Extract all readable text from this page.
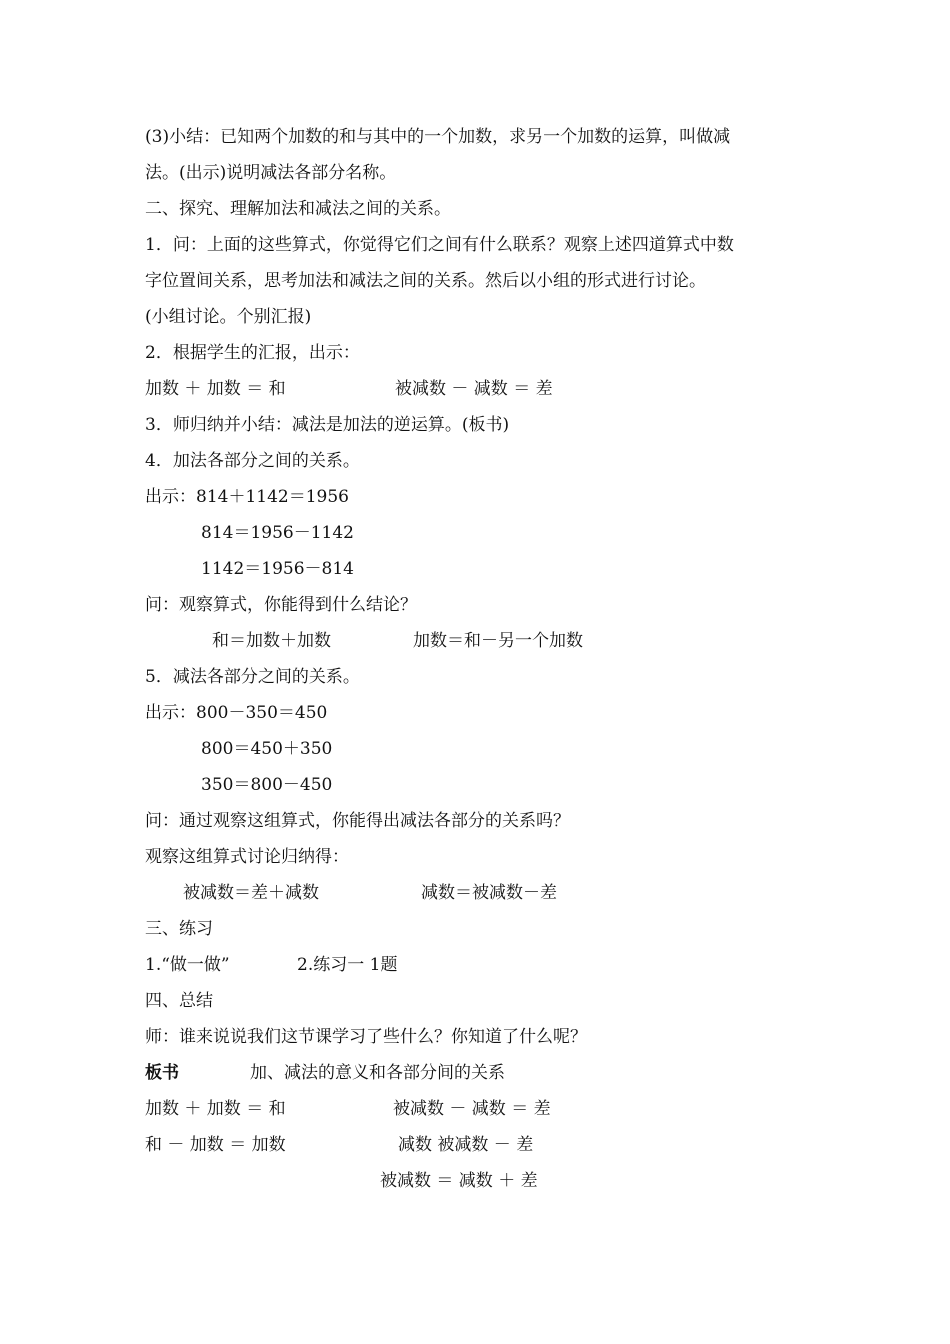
(3)小结：已知两个加数的和与其中的一个加数，求另一个加数的运算，叫做减
法。(出示)说明减法各部分名称。
二、探究、理解加法和减法之间的关系。
1．问：上面的这些算式，你觉得它们之间有什么联系？观察上述四道算式中数
字位置间关系，思考加法和减法之间的关系。然后以小组的形式进行讨论。
(小组讨论。个别汇报)
2．根据学生的汇报，出示：
加数 ＋ 加数 ＝ 和	被减数 － 减数 ＝ 差
3．师归纳并小结：减法是加法的逆运算。(板书)
4．加法各部分之间的关系。
出示：814＋1142＝1956
814＝1956－1142
1142＝1956－814
问：观察算式，你能得到什么结论？
和＝加数＋加数	加数＝和－另一个加数
5．减法各部分之间的关系。
出示：800－350＝450
800＝450＋350
350＝800－450
问：通过观察这组算式，你能得出减法各部分的关系吗？
观察这组算式讨论归纳得：
被减数＝差＋减数	减数＝被减数－差
三、练习
1.“做一做”	2.练习一 1题
四、总结
师：谁来说说我们这节课学习了些什么？你知道了什么呢？
板书	加、减法的意义和各部分间的关系
加数 ＋ 加数 ＝ 和	被减数 － 减数 ＝ 差
和 － 加数 ＝ 加数	减数 被减数 － 差
被减数 ＝ 减数 ＋ 差
